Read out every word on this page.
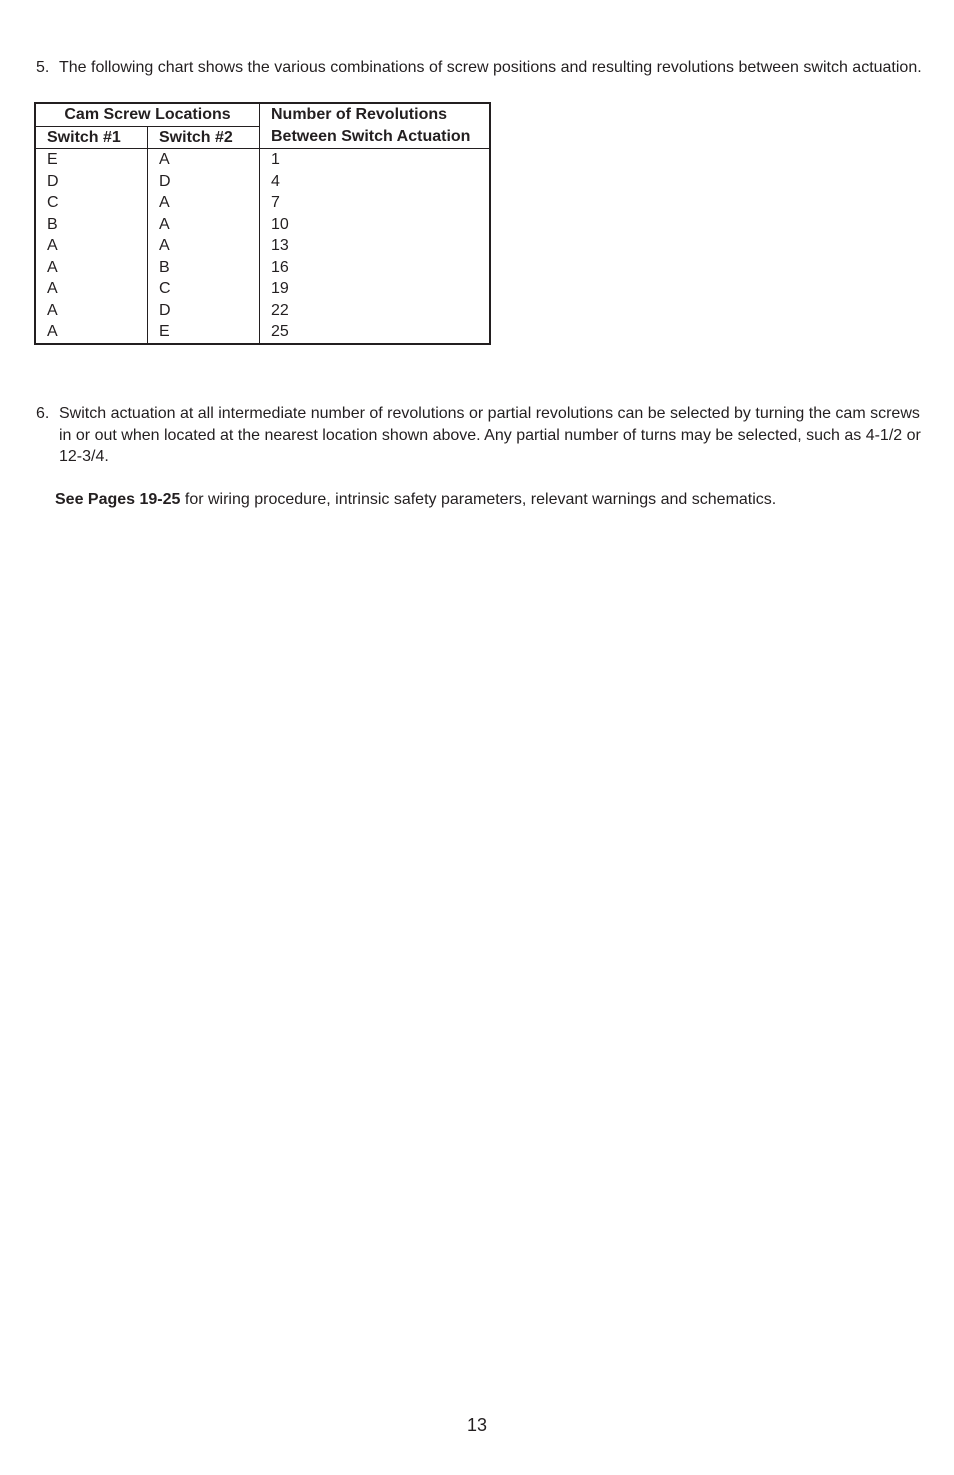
5. The following chart shows the various combinations of screw positions and resulting revolutions between switch actuation.
Cam Screw Locations		Number of Revolutions
Switch #1	Switch #2	Between Switch Actuation
E	A	1
D	D	4
C	A	7
B	A	10
A	A	13
A	B	16
A	C	19
A	D	22
A	E	25
6. Switch actuation at all intermediate number of revolutions or partial revolutions can be selected by turning the cam screws in or out when located at the nearest location shown above. Any partial number of turns may be selected, such as 4-1/2 or 12-3/4.
See Pages 19-25 for wiring procedure, intrinsic safety parameters, relevant warnings and schematics.
13
